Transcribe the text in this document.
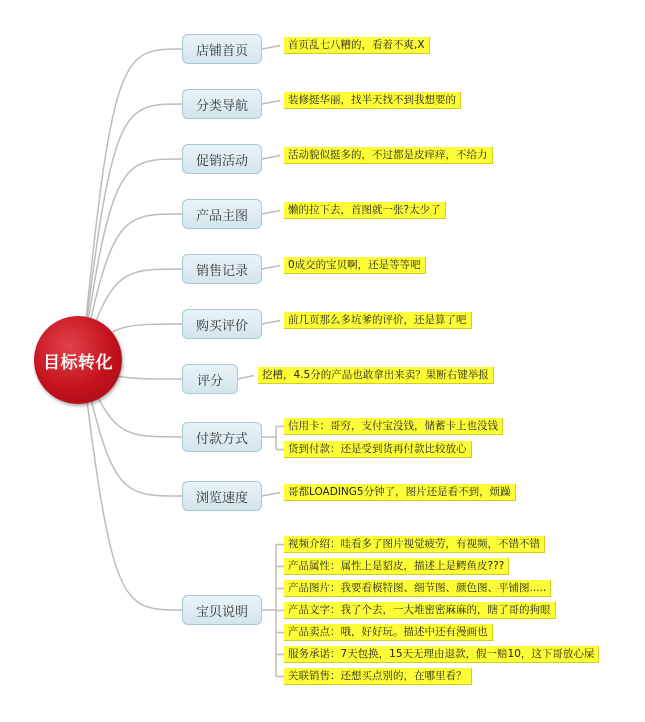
目标转化
店铺首页
分类导航
促销活动
产品主图
销售记录
购买评价
评分
付款方式
浏览速度
宝贝说明
首页乱七八糟的，看着不爽,X
装修挺华丽，找半天找不到我想要的
活动貌似挺多的，不过都是皮痒痒，不给力
懒的拉下去，首图就一张?太少了
0成交的宝贝啊，还是等等吧
前几页那么多坑爹的评价，还是算了吧
挖槽，4.5分的产品也敢拿出来卖？果断右键举报
信用卡：哥穷，支付宝没钱，储蓄卡上也没钱
货到付款：还是受到货再付款比较放心
哥都LOADING5分钟了，图片还是看不到，烦躁
视频介绍：哇看多了图片视觉疲劳，有视频，不错不错
产品属性：属性上是貂皮，描述上是鳄鱼皮???
产品图片：我要看模特图、细节图、颜色图、平铺图.....
产品文字：我了个去，一大堆密密麻麻的，瞎了哥的狗眼
产品卖点：哦，好好玩。描述中还有漫画也
服务承诺：7天包换，15天无理由退款，假一赔10，这下哥放心屎
关联销售：还想买点别的，在哪里看？
